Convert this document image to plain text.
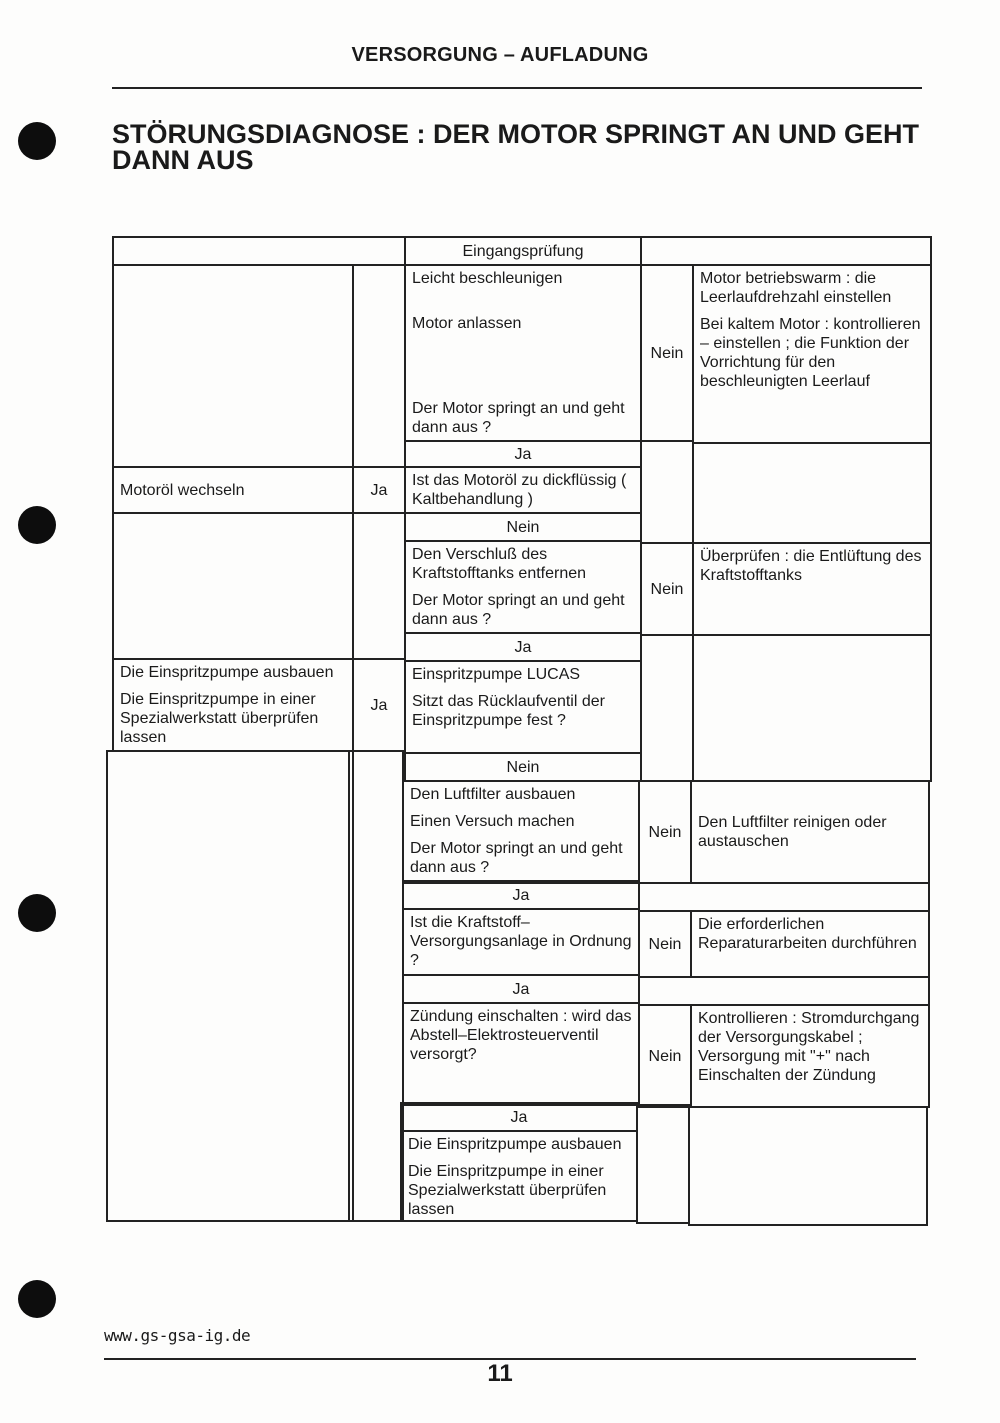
VERSORGUNG – AUFLADUNG
STÖRUNGSDIAGNOSE : DER MOTOR SPRINGT AN UND GEHT
DANN AUS
Eingangsprüfung
Leicht beschleunigen
Motor anlassen
Der Motor springt an und geht dann aus ?
Nein
Motor betriebswarm : die Leerlaufdrehzahl einstellen
Bei kaltem Motor : kontrollieren – einstellen ; die Funktion der Vorrichtung für den beschleunigten Leerlauf
Ja
Motoröl wechseln	Ja
Ist das Motoröl zu dickflüssig ( Kaltbehandlung )
Nein
Den Verschluß des Kraftstofftanks entfernen
Der Motor springt an und geht dann aus ?
Nein
Überprüfen : die Entlüftung des Kraftstofftanks
Ja
Die Einspritzpumpe ausbauen
Die Einspritzpumpe in einer Spezialwerkstatt überprüfen lassen
Ja
Einspritzpumpe LUCAS
Sitzt das Rücklaufventil der Einspritzpumpe fest ?
Nein
Den Luftfilter ausbauen
Einen Versuch machen
Der Motor springt an und geht dann aus ?
Nein
Den Luftfilter reinigen oder austauschen
Ja
Ist die Kraftstoff–Versorgungsanlage in Ordnung ?
Nein
Die erforderlichen Reparaturarbeiten durchführen
Ja
Zündung einschalten : wird das Abstell–Elektrosteuerventil versorgt?	Nein
Kontrollieren : Stromdurchgang der Versorgungskabel ; Versorgung mit "+" nach Einschalten der Zündung
Ja
Die Einspritzpumpe ausbauen
Die Einspritzpumpe in einer Spezialwerkstatt überprüfen lassen
www.gs-gsa-ig.de
11
